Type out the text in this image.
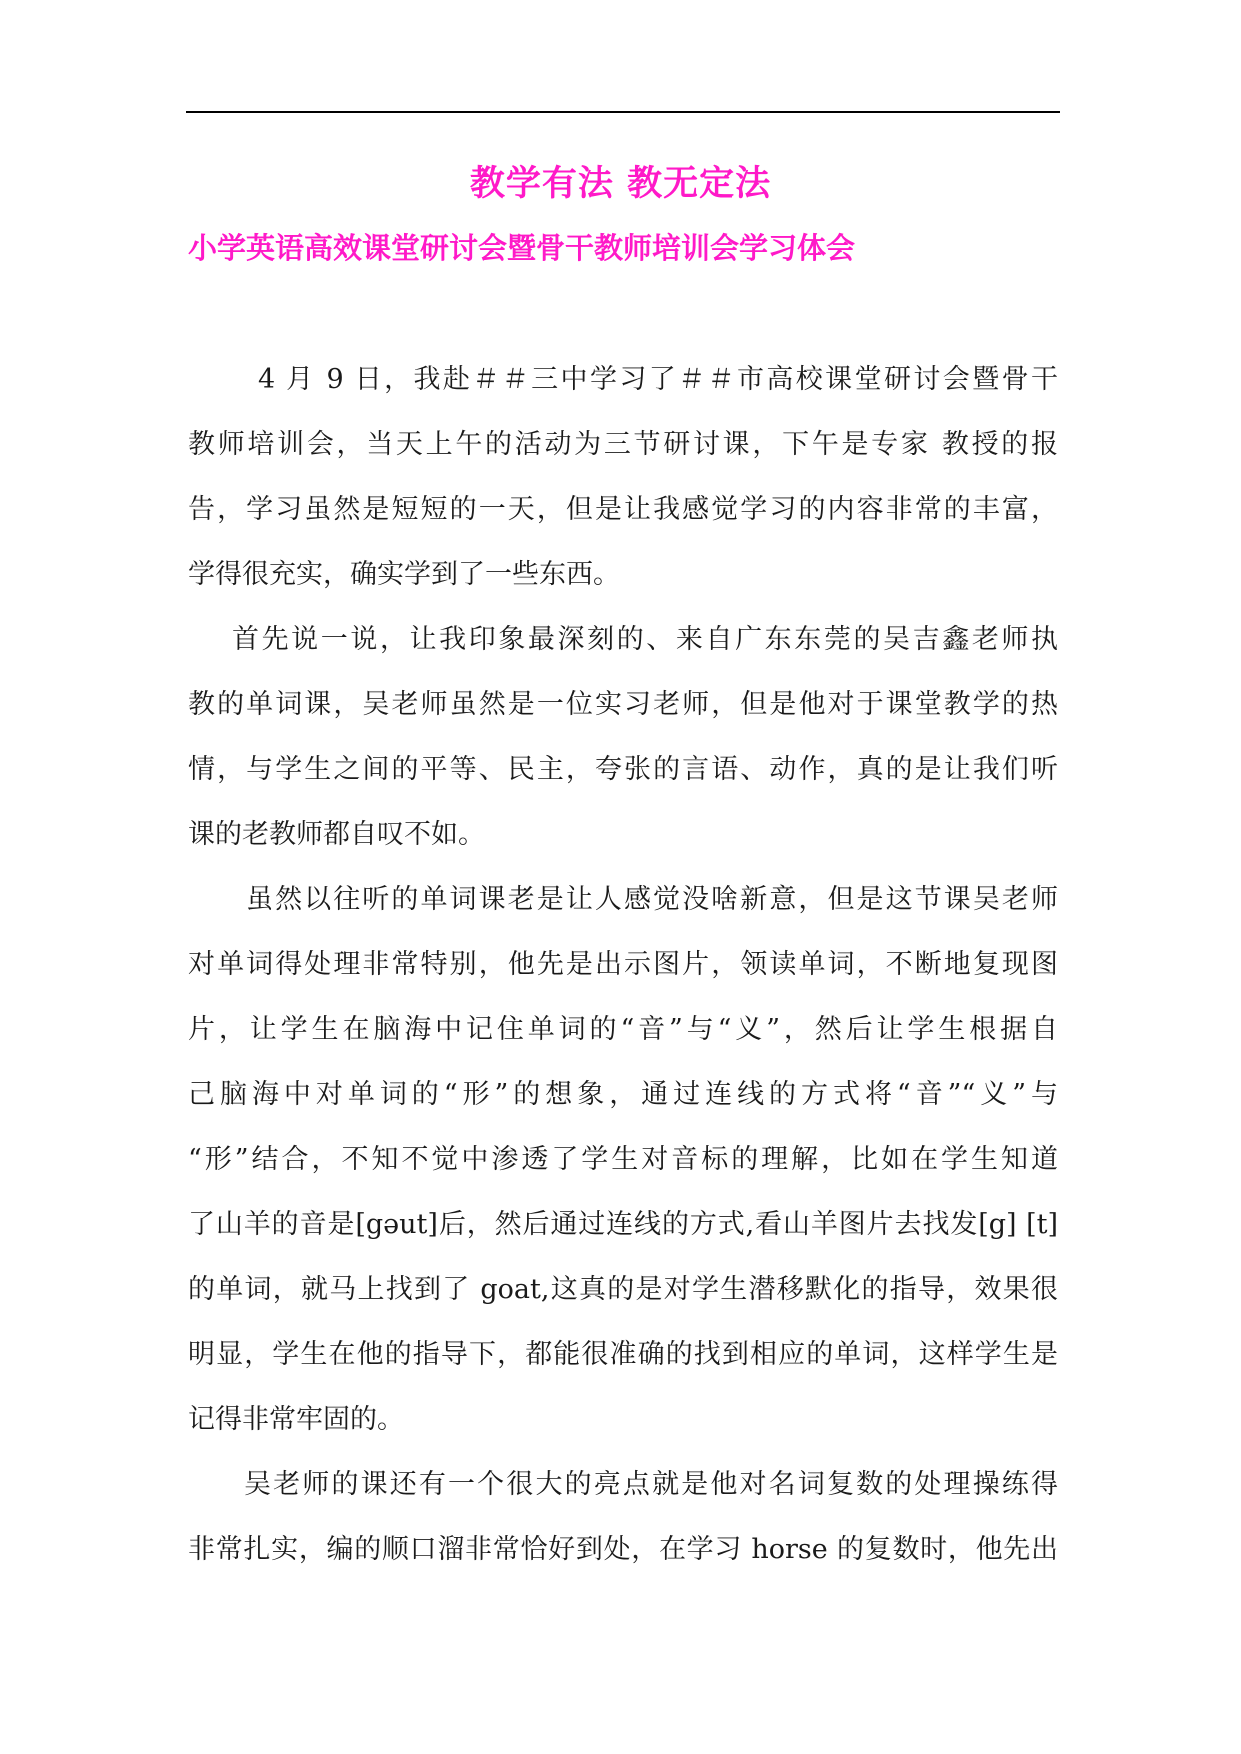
教学有法 教无定法
小学英语高效课堂研讨会暨骨干教师培训会学习体会
4 月 9 日，我赴＃＃三中学习了＃＃市高校课堂研讨会暨骨干
教师培训会，当天上午的活动为三节研讨课，下午是专家 教授的报
告，学习虽然是短短的一天，但是让我感觉学习的内容非常的丰富，
学得很充实，确实学到了一些东西。
首先说一说，让我印象最深刻的、来自广东东莞的吴吉鑫老师执
教的单词课，吴老师虽然是一位实习老师，但是他对于课堂教学的热
情，与学生之间的平等、民主，夸张的言语、动作，真的是让我们听
课的老教师都自叹不如。
虽然以往听的单词课老是让人感觉没啥新意，但是这节课吴老师
对单词得处理非常特别，他先是出示图片，领读单词，不断地复现图
片，让学生在脑海中记住单词的“音”与“义”，然后让学生根据自
己脑海中对单词的“形”的想象，通过连线的方式将“音”“义”与
“形”结合，不知不觉中渗透了学生对音标的理解，比如在学生知道
了山羊的音是[gəut]后，然后通过连线的方式,看山羊图片去找发[g] [t]
的单词，就马上找到了 goat,这真的是对学生潜移默化的指导，效果很
明显，学生在他的指导下，都能很准确的找到相应的单词，这样学生是
记得非常牢固的。
吴老师的课还有一个很大的亮点就是他对名词复数的处理操练得
非常扎实，编的顺口溜非常恰好到处，在学习 horse 的复数时，他先出
